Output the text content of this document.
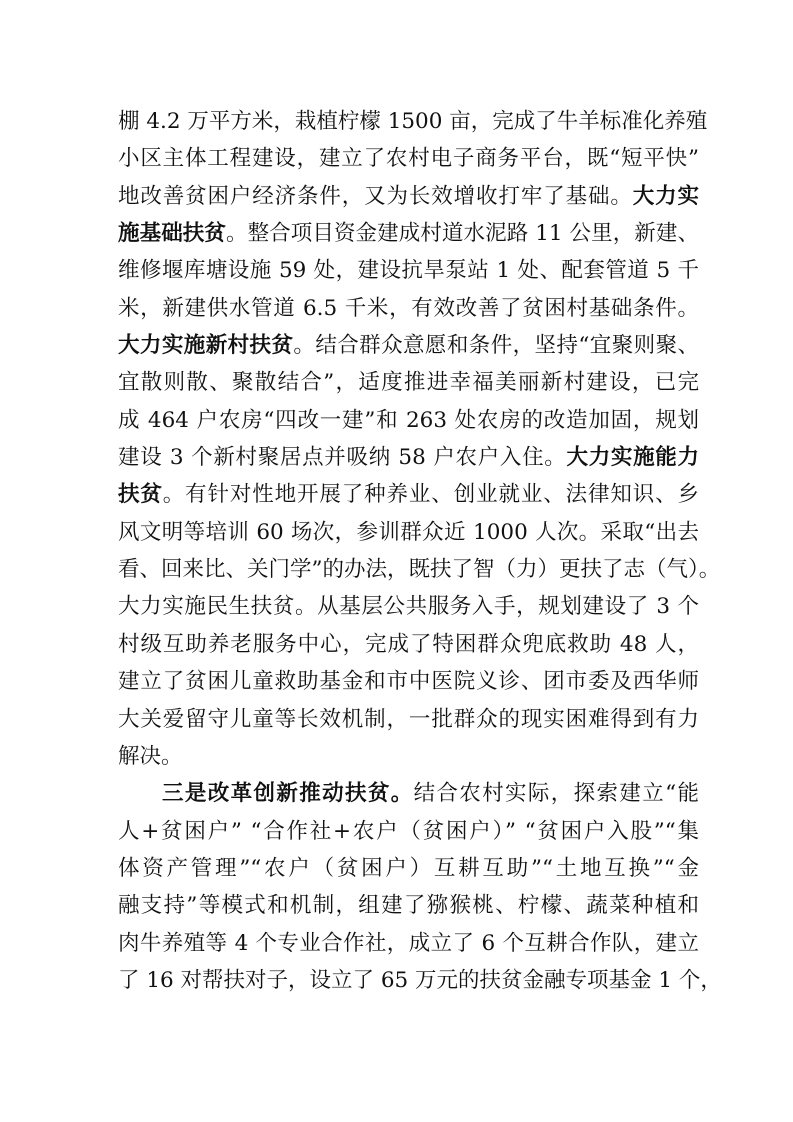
棚 4.2 万平方米，栽植柠檬 1500 亩，完成了牛羊标准化养殖
小区主体工程建设，建立了农村电子商务平台，既“短平快”
地改善贫困户经济条件，又为长效增收打牢了基础。大力实
施基础扶贫。整合项目资金建成村道水泥路 11 公里，新建、
维修堰库塘设施 59 处，建设抗旱泵站 1 处、配套管道 5 千
米，新建供水管道 6.5 千米，有效改善了贫困村基础条件。
大力实施新村扶贫。结合群众意愿和条件，坚持“宜聚则聚、
宜散则散、聚散结合”，适度推进幸福美丽新村建设，已完
成 464 户农房“四改一建”和 263 处农房的改造加固，规划
建设 3 个新村聚居点并吸纳 58 户农户入住。大力实施能力
扶贫。有针对性地开展了种养业、创业就业、法律知识、乡
风文明等培训 60 场次，参训群众近 1000 人次。采取“出去
看、回来比、关门学”的办法，既扶了智（力）更扶了志（气）。
大力实施民生扶贫。从基层公共服务入手，规划建设了 3 个
村级互助养老服务中心，完成了特困群众兜底救助 48 人，
建立了贫困儿童救助基金和市中医院义诊、团市委及西华师
大关爱留守儿童等长效机制，一批群众的现实困难得到有力
解决。
三是改革创新推动扶贫。结合农村实际，探索建立“能
人+贫困户” “合作社+农户（贫困户）” “贫困户入股”“集
体资产管理”“农户（贫困户）互耕互助”“土地互换”“金
融支持”等模式和机制，组建了猕猴桃、柠檬、蔬菜种植和
肉牛养殖等 4 个专业合作社，成立了 6 个互耕合作队，建立
了 16 对帮扶对子，设立了 65 万元的扶贫金融专项基金 1 个，
